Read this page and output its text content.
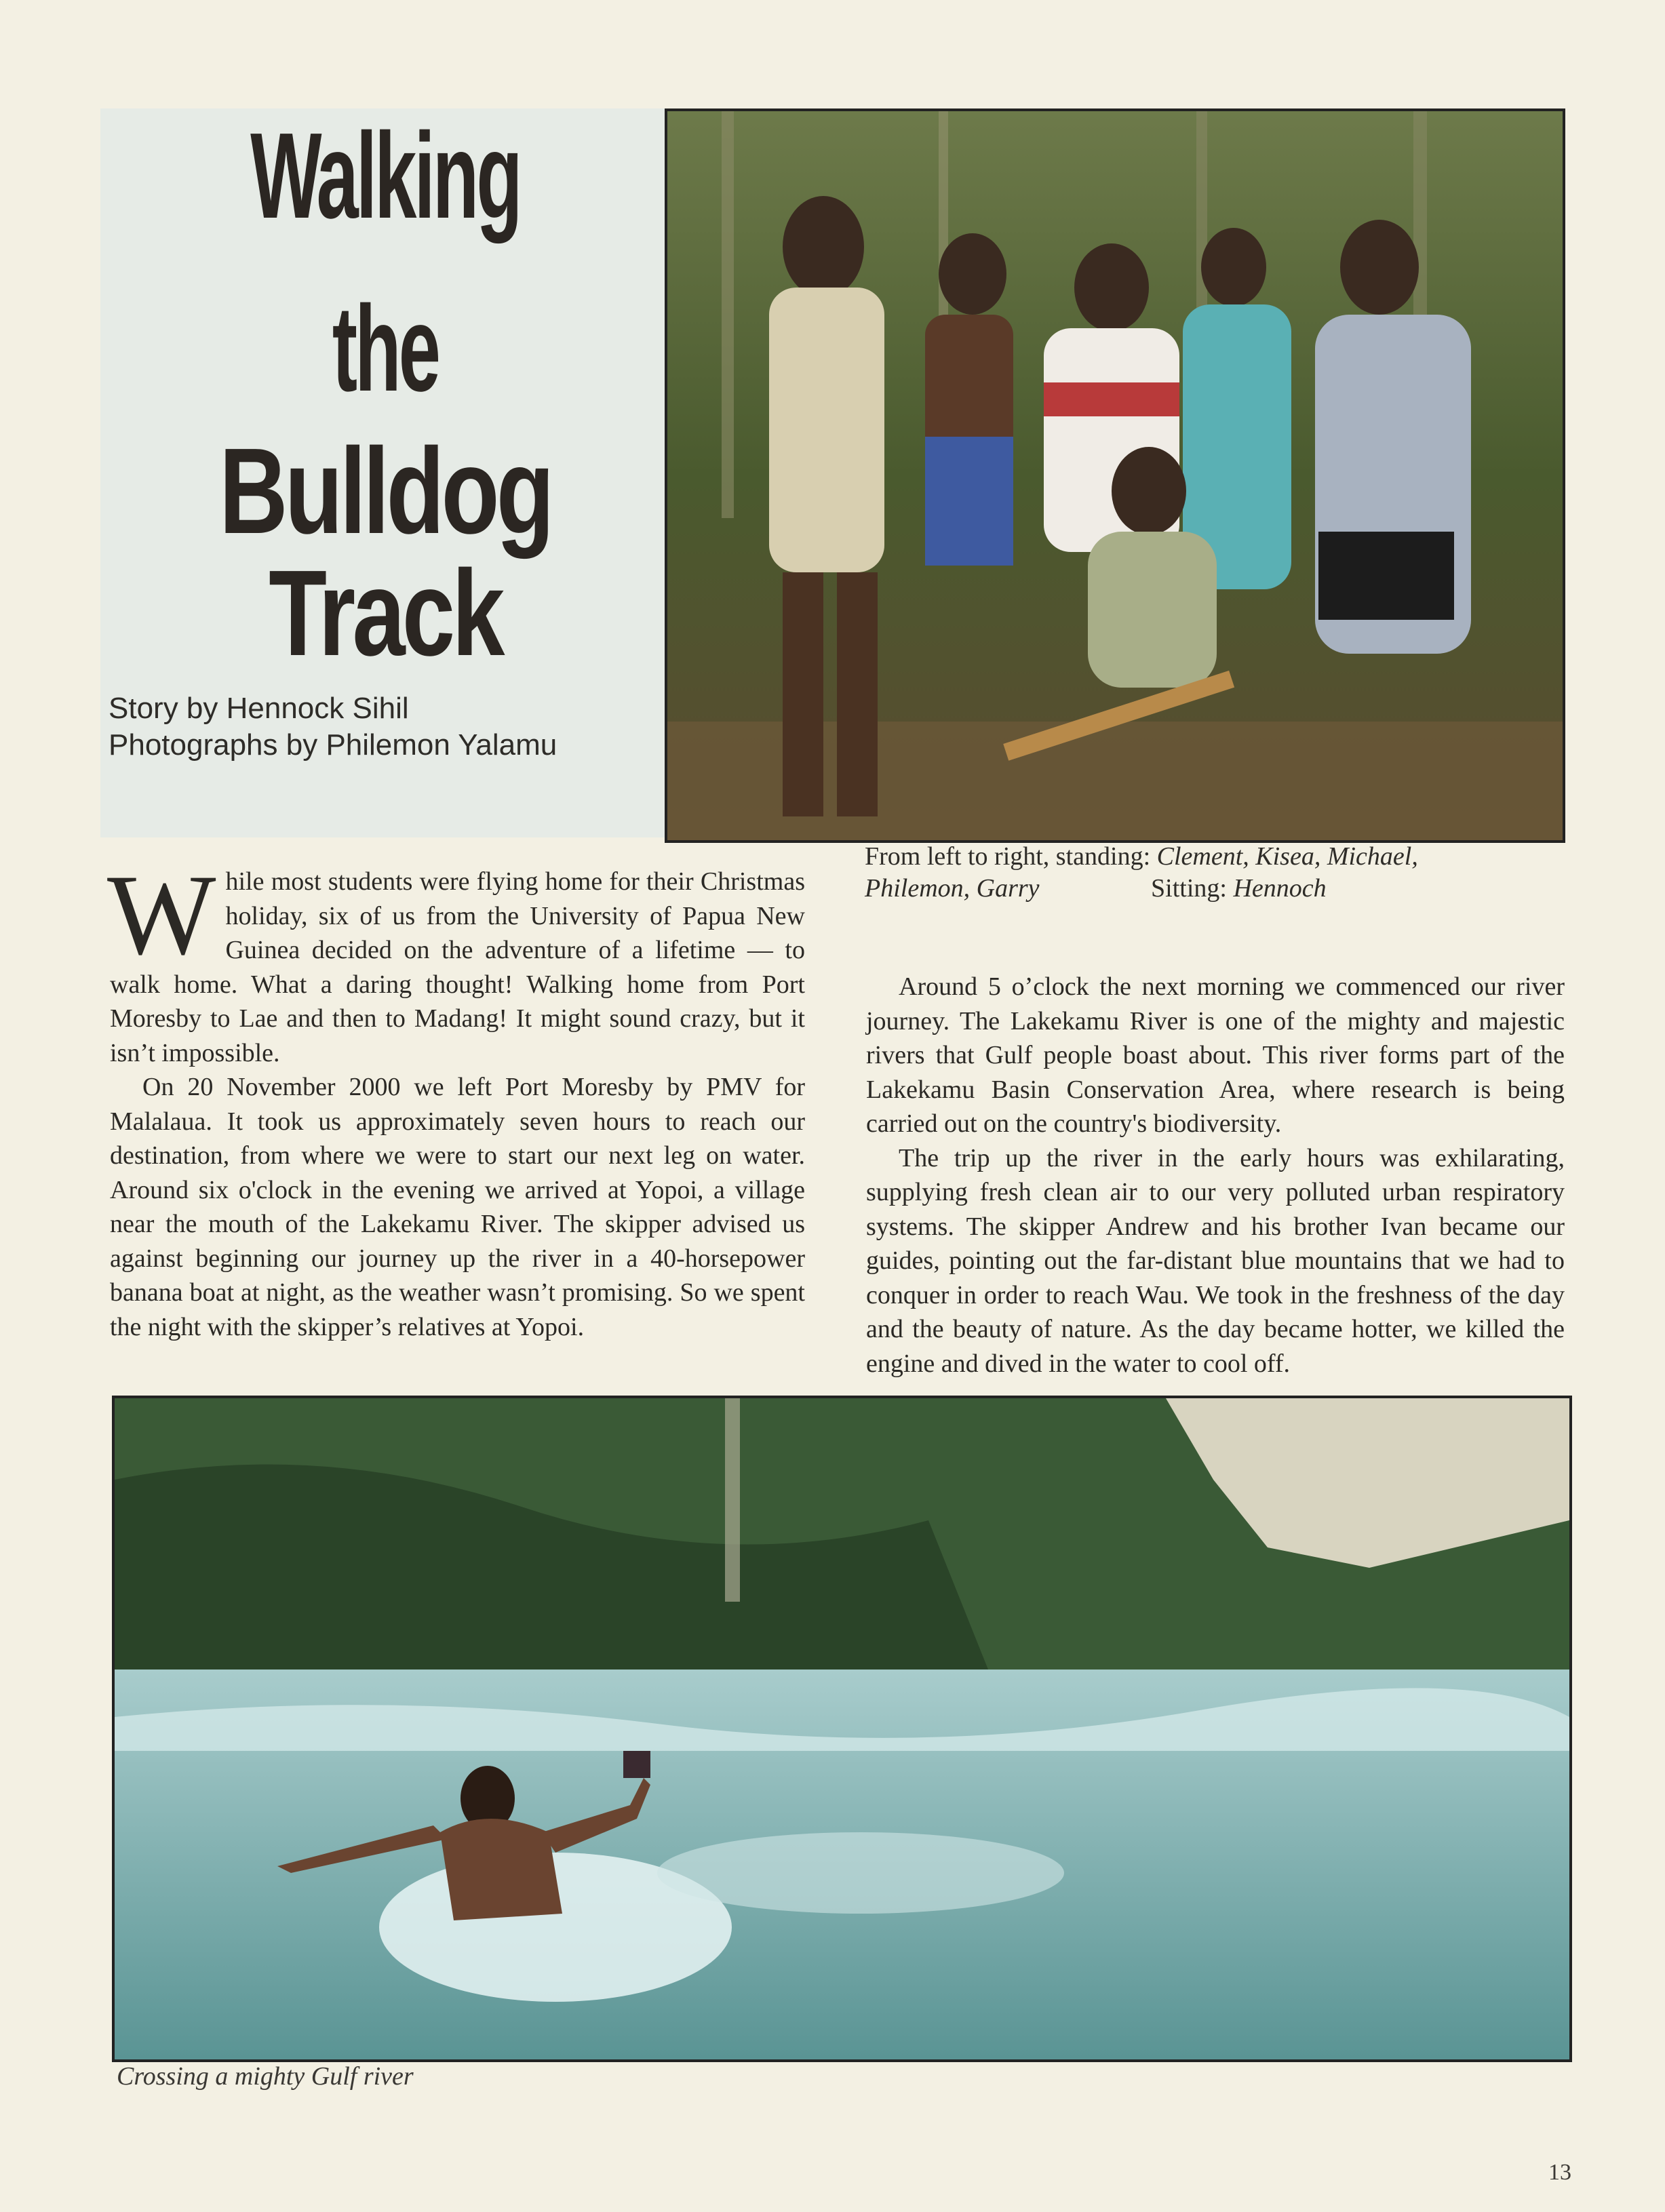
Walking
the
Bulldog Track
Story by Hennock Sihil
Photographs by Philemon Yalamu
From left to right, standing: Clement, Kisea, Michael,
Philemon, Garry	Sitting: Hennoch

While most students were flying home for their Christmas holiday, six of us from the University of Papua New Guinea decided on the adventure of a lifetime — to walk home. What a daring thought! Walking home from Port Moresby to Lae and then to Madang! It might sound crazy, but it isn’t impossible.

On 20 November 2000 we left Port Moresby by PMV for Malalaua. It took us approximately seven hours to reach our destination, from where we were to start our next leg on water. Around six o'clock in the evening we arrived at Yopoi, a village near the mouth of the Lakekamu River. The skipper advised us against beginning our journey up the river in a 40-horsepower banana boat at night, as the weather wasn’t promising. So we spent the night with the skipper’s relatives at Yopoi.

Around 5 o’clock the next morning we commenced our river journey. The Lakekamu River is one of the mighty and majestic rivers that Gulf people boast about. This river forms part of the Lakekamu Basin Conservation Area, where research is being carried out on the country's biodiversity.

The trip up the river in the early hours was exhilarating, supplying fresh clean air to our very polluted urban respiratory systems. The skipper Andrew and his brother Ivan became our guides, pointing out the far-distant blue mountains that we had to conquer in order to reach Wau. We took in the freshness of the day and the beauty of nature. As the day became hotter, we killed the engine and dived in the water to cool off.

Crossing a mighty Gulf river
13
